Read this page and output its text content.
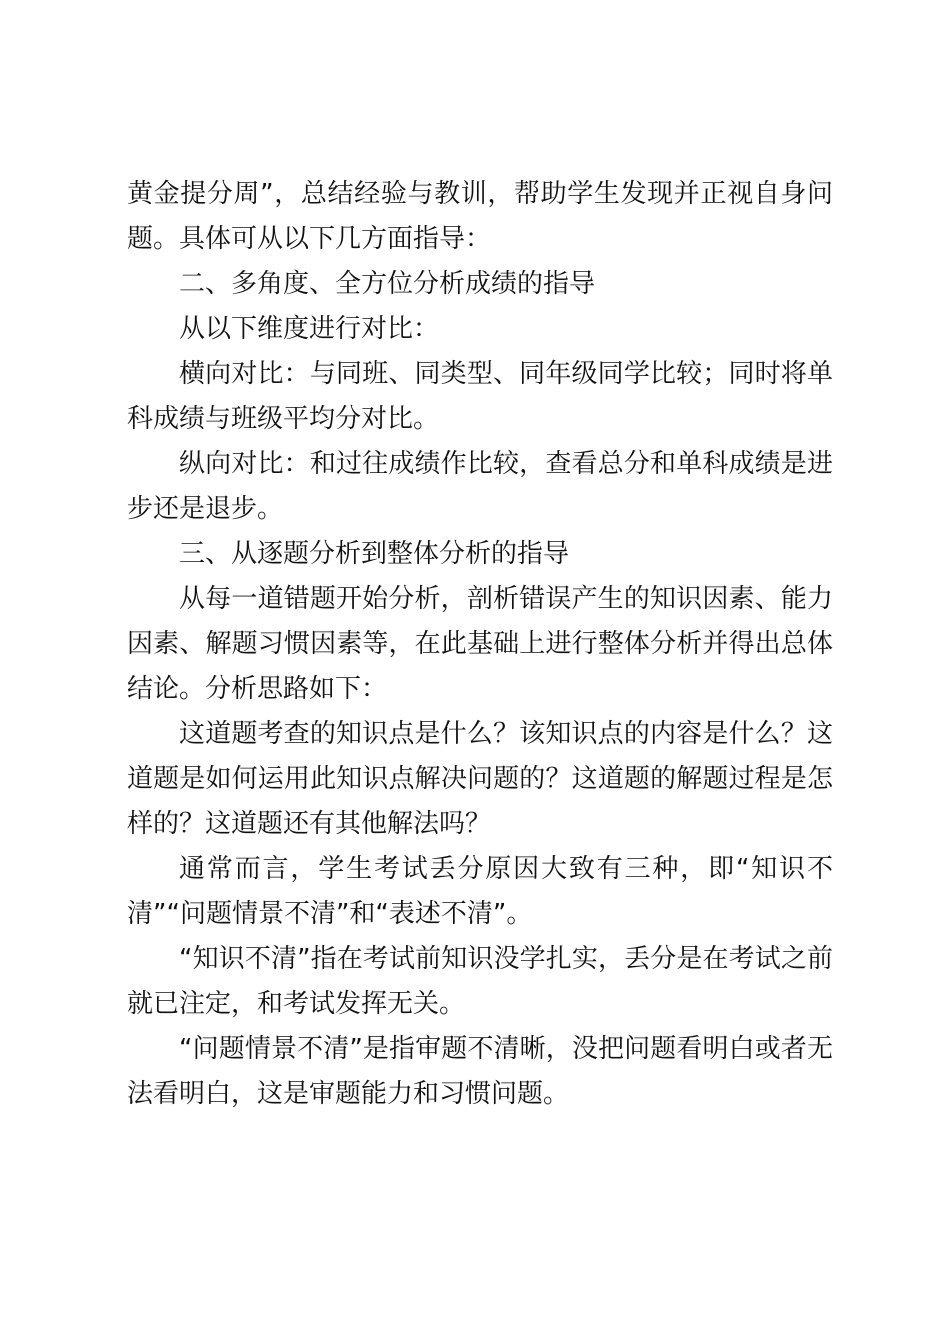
黄金提分周”，总结经验与教训，帮助学生发现并正视自身问题。具体可从以下几方面指导：

二、多角度、全方位分析成绩的指导

从以下维度进行对比：

横向对比：与同班、同类型、同年级同学比较；同时将单科成绩与班级平均分对比。

纵向对比：和过往成绩作比较，查看总分和单科成绩是进步还是退步。

三、从逐题分析到整体分析的指导

从每一道错题开始分析，剖析错误产生的知识因素、能力因素、解题习惯因素等，在此基础上进行整体分析并得出总体结论。分析思路如下：

这道题考查的知识点是什么？该知识点的内容是什么？这道题是如何运用此知识点解决问题的？这道题的解题过程是怎样的？这道题还有其他解法吗？

通常而言，学生考试丢分原因大致有三种，即“知识不清”“问题情景不清”和“表述不清”。

“知识不清”指在考试前知识没学扎实，丢分是在考试之前就已注定，和考试发挥无关。

“问题情景不清”是指审题不清晰，没把问题看明白或者无法看明白，这是审题能力和习惯问题。
